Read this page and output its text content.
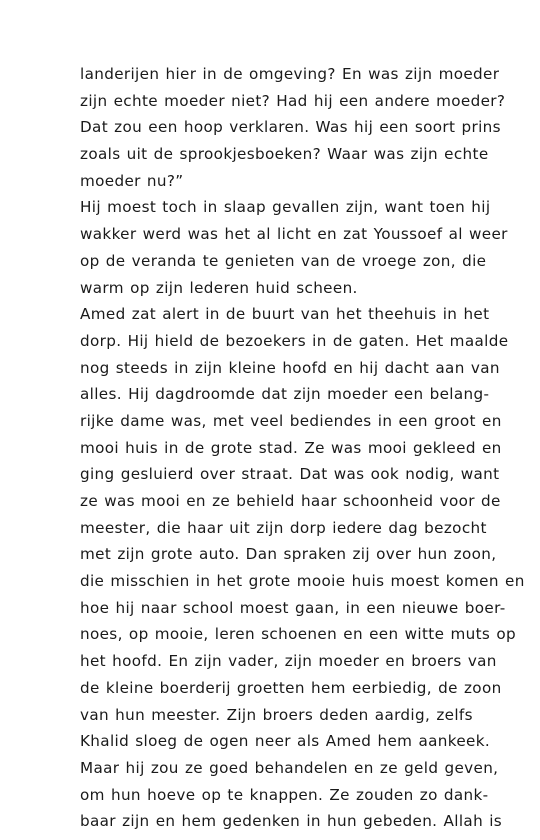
landerijen hier in de omgeving? En was zijn moeder
zijn echte moeder niet? Had hij een andere moeder?
Dat zou een hoop verklaren. Was hij een soort prins
zoals uit de sprookjesboeken? Waar was zijn echte
moeder nu?”
Hij moest toch in slaap gevallen zijn, want toen hij
wakker werd was het al licht en zat Youssoef al weer
op de veranda te genieten van de vroege zon, die
warm op zijn lederen huid scheen.
Amed zat alert in de buurt van het theehuis in het
dorp. Hij hield de bezoekers in de gaten. Het maalde
nog steeds in zijn kleine hoofd en hij dacht aan van
alles. Hij dagdroomde dat zijn moeder een belang-
rijke dame was, met veel bediendes in een groot en
mooi huis in de grote stad. Ze was mooi gekleed en
ging gesluierd over straat. Dat was ook nodig, want
ze was mooi en ze behield haar schoonheid voor de
meester, die haar uit zijn dorp iedere dag bezocht
met zijn grote auto. Dan spraken zij over hun zoon,
die misschien in het grote mooie huis moest komen en
hoe hij naar school moest gaan, in een nieuwe boer-
noes, op mooie, leren schoenen en een witte muts op
het hoofd. En zijn vader, zijn moeder en broers van
de kleine boerderij groetten hem eerbiedig, de zoon
van hun meester. Zijn broers deden aardig, zelfs
Khalid sloeg de ogen neer als Amed hem aankeek.
Maar hij zou ze goed behandelen en ze geld geven,
om hun hoeve op te knappen. Ze zouden zo dank-
baar zijn en hem gedenken in hun gebeden. Allah is
